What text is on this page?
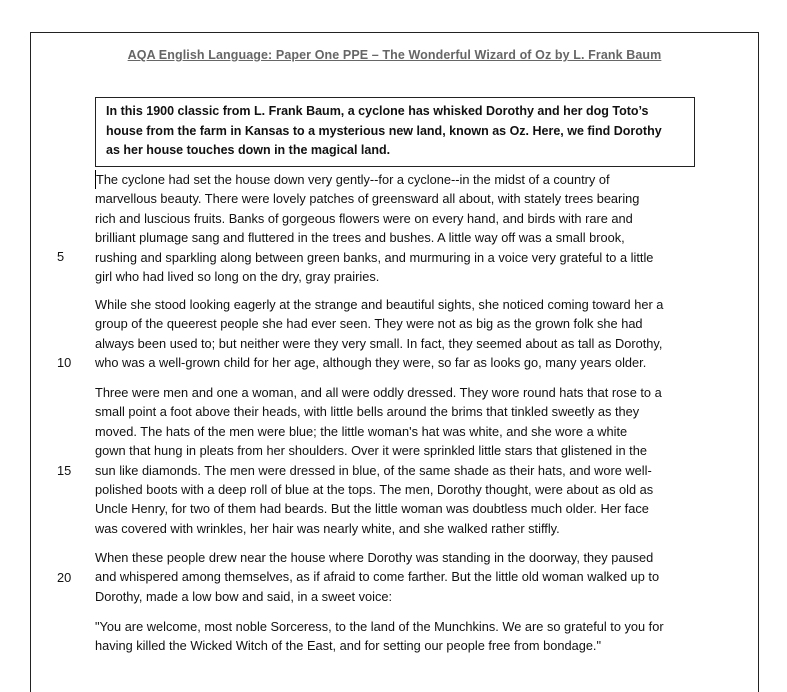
AQA English Language: Paper One PPE – The Wonderful Wizard of Oz by L. Frank Baum
In this 1900 classic from L. Frank Baum, a cyclone has whisked Dorothy and her dog Toto’s
house from the farm in Kansas to a mysterious new land, known as Oz. Here, we find Dorothy
as her house touches down in the magical land.

The cyclone had set the house down very gently--for a cyclone--in the midst of a country of
marvellous beauty. There were lovely patches of greensward all about, with stately trees bearing
rich and luscious fruits. Banks of gorgeous flowers were on every hand, and birds with rare and
brilliant plumage sang and fluttered in the trees and bushes. A little way off was a small brook,
rushing and sparkling along between green banks, and murmuring in a voice very grateful to a little
girl who had lived so long on the dry, gray prairies.

While she stood looking eagerly at the strange and beautiful sights, she noticed coming toward her a
group of the queerest people she had ever seen. They were not as big as the grown folk she had
always been used to; but neither were they very small. In fact, they seemed about as tall as Dorothy,
who was a well-grown child for her age, although they were, so far as looks go, many years older.

Three were men and one a woman, and all were oddly dressed. They wore round hats that rose to a
small point a foot above their heads, with little bells around the brims that tinkled sweetly as they
moved. The hats of the men were blue; the little woman's hat was white, and she wore a white
gown that hung in pleats from her shoulders. Over it were sprinkled little stars that glistened in the
sun like diamonds. The men were dressed in blue, of the same shade as their hats, and wore well-
polished boots with a deep roll of blue at the tops. The men, Dorothy thought, were about as old as
Uncle Henry, for two of them had beards. But the little woman was doubtless much older. Her face
was covered with wrinkles, her hair was nearly white, and she walked rather stiffly.

When these people drew near the house where Dorothy was standing in the doorway, they paused
and whispered among themselves, as if afraid to come farther. But the little old woman walked up to
Dorothy, made a low bow and said, in a sweet voice:

"You are welcome, most noble Sorceress, to the land of the Munchkins. We are so grateful to you for
having killed the Wicked Witch of the East, and for setting our people free from bondage."

5
10
15
20
